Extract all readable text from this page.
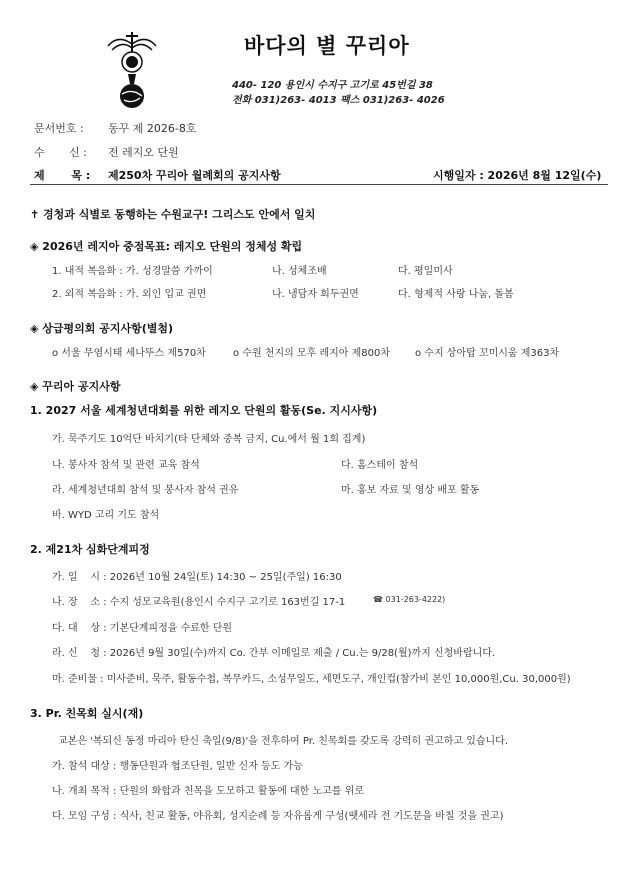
바다의 별 꾸리아
440- 120 용인시 수지구 고기로 45번길 38
전화 031)263- 4013 팩스 031)263- 4026
문서번호 : 동꾸 제 2026-8호
수       신 : 전 레지오 단원
제       목 : 제250차 꾸리아 월례회의 공지사항	시행일자 : 2026년 8월 12일(수)
✝ 경청과 식별로 동행하는 수원교구! 그리스도 안에서 일치
◈ 2026년 레지아 중점목표: 레지오 단원의 정체성 확립
1. 내적 복음화 : 가. 성경말씀 가까이	나. 성체조배	다. 평일미사
2. 외적 복음화 : 가. 외인 입교 권면	나. 냉담자 회두권면	다. 형제적 사랑 나눔, 돌봄
◈ 상급평의회 공지사항(별첨)
o 서울 무염시태 세나뚜스 제570차	o 수원 천지의 모후 레지아 제800차 o 수지 상아탑 꼬미시움 제363차
◈ 꾸리아 공지사항
1. 2027 서울 세계청년대회를 위한 레지오 단원의 활동(Se. 지시사항)
가. 묵주기도 10억단 바치기(타 단체와 중복 금지, Cu.에서 월 1회 집계)
나. 봉사자 참석 및 관련 교육 참석	다. 홈스테이 참석
라. 세계청년대회 참석 및 봉사자 참석 권유	마. 홍보 자료 및 영상 배포 활동
바. WYD 고리 기도 참석
2. 제21차 심화단계피정
가. 일    시 : 2026년 10월 24일(토) 14:30 ~ 25일(주일) 16:30
나. 장    소 : 수지 성모교육원(용인시 수지구 고기로 163번길 17-1	☎ 031-263-4222)
다. 대    상 : 기본단계피정을 수료한 단원
라. 신    청 : 2026년 9월 30일(수)까지 Co. 간부 이메일로 제출 / Cu.는 9/28(월)까지 신청바랍니다.
마. 준비물 : 미사준비, 묵주, 활동수첩, 복무카드, 소성무일도, 세면도구, 개인컵(참가비 본인 10,000원,Cu. 30,000원)
3. Pr. 친목회 실시(재)
교본은 '복되신 동정 마리아 탄신 축일(9/8)'을 전후하여 Pr. 친목회를 갖도록 강력히 권고하고 있습니다.
가. 참석 대상 : 행동단원과 협조단원, 일반 신자 등도 가능
나. 개최 목적 : 단원의 화합과 친목을 도모하고 활동에 대한 노고를 위로
다. 모임 구성 : 식사, 친교 활동, 야유회, 성지순례 등 자유롭게 구성(뗏세라 전 기도문을 바칠 것을 권고)
